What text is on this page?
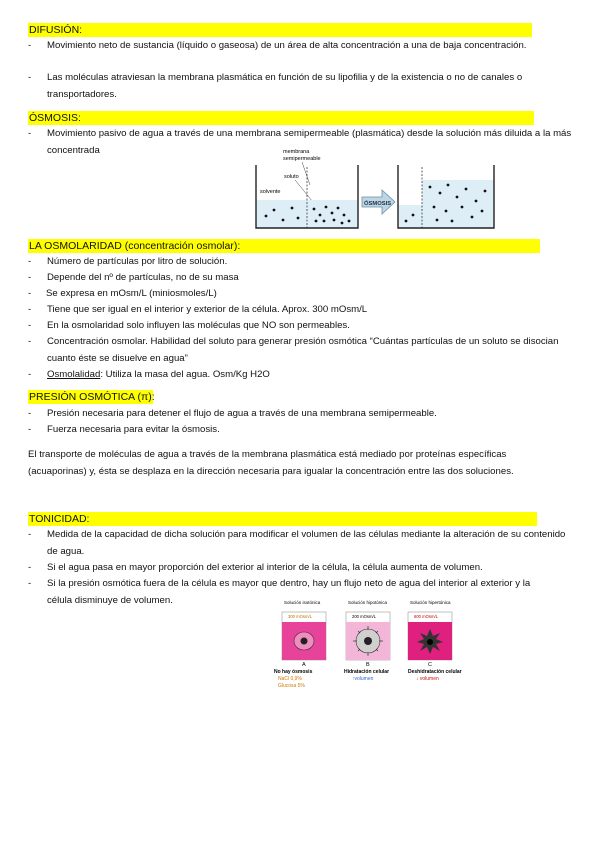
DIFUSIÓN:
- Movimiento neto de sustancia (líquido o gaseosa) de un área de alta concentración a una de baja concentración.
- Las moléculas atraviesan la membrana plasmática en función de su lipofilia y de la existencia o no de canales o transportadores.
ÓSMOSIS:
- Movimiento pasivo de agua a través de una membrana semipermeable (plasmática) desde la solución más diluida a la más concentrada	membrana
semipermeable
soluto
solvente
ÓSMOSIS
LA OSMOLARIDAD (concentración osmolar):
- Número de partículas por litro de solución.
- Depende del nº de partículas, no de su masa
- Se expresa en mOsm/L (miniosmoles/L)
- Tiene que ser igual en el interior y exterior de la célula. Aprox. 300 mOsm/L
- En la osmolaridad solo influyen las moléculas que NO son permeables.
- Concentración osmolar. Habilidad del soluto para generar presión osmótica “Cuántas partículas de un soluto se disocian cuanto éste se disuelve en agua”
- Osmolalidad: Utiliza la masa del agua. Osm/Kg H2O
PRESIÓN OSMÓTICA (π):
- Presión necesaria para detener el flujo de agua a través de una membrana semipermeable.
- Fuerza necesaria para evitar la ósmosis.
El transporte de moléculas de agua a través de la membrana plasmática está mediado por proteínas específicas (acuaporinas) y, ésta se desplaza en la dirección necesaria para igualar la concentración entre las dos soluciones.
TONICIDAD:
- Medida de la capacidad de dicha solución para modificar el volumen de las células mediante la alteración de su contenido de agua.
- Si el agua pasa en mayor proporción del exterior al interior de la célula, la célula aumenta de volumen.
- Si la presión osmótica fuera de la célula es mayor que dentro, hay un flujo neto de agua del interior al exterior y la célula disminuye de volumen.	Solución isotónica
300 mOsm/L
A
No hay ósmosis
NaCl 0,9%
Glucosa 5%
Solución hipotónica
200 mOsm/L
B
Hidratación celular
↑volumen
Solución hipertónica
600 mOsm/L
C
Deshidratación celular
↓ volumen
